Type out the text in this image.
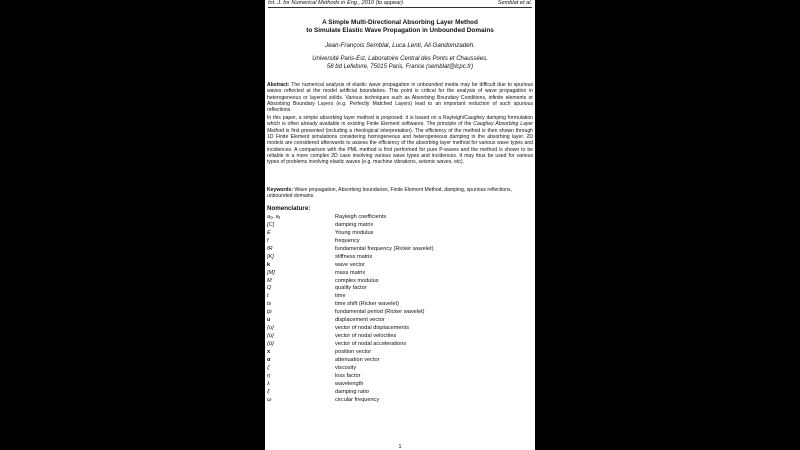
Int. J. for Numerical Methods in Eng., 2010 (to appear)	Semblat et al.
A Simple Multi-Directional Absorbing Layer Method
to Simulate Elastic Wave Propagation in Unbounded Domains
Jean-François Semblat, Luca Lenti, Ali Gandomzadeh.
Université Paris-Est, Laboratoire Central des Ponts et Chaussées,
58 bd Lefebvre, 75015 Paris, France (semblat@lcpc.fr)

Abstract: The numerical analysis of elastic wave propagation in unbounded media may be difficult due to spurious waves reflected at the model artificial boundaries. This point is critical for the analysis of wave propagation in heterogeneous or layered solids. Various techniques such as Absorbing Boundary Conditions, infinite elements or Absorbing Boundary Layers (e.g. Perfectly Matched Layers) lead to an important reduction of such spurious reflections.

In this paper, a simple absorbing layer method is proposed: it is based on a Rayleigh/Caughey damping formulation which is often already available in existing Finite Element softwares. The principle of the Caughey Absorbing Layer Method is first presented (including a rheological interpretation). The efficiency of the method is then shown through 1D Finite Element simulations considering homogeneous and heterogeneous damping in the absorbing layer. 2D models are considered afterwards to assess the efficiency of the absorbing layer method for various wave types and incidences. A comparison with the PML method is first performed for pure P-waves and the method is shown to be reliable in a more complex 2D case involving various wave types and incidences. It may thus be used for various types of problems involving elastic waves (e.g. machine vibrations, seismic waves, etc).

Keywords: Wave propagation, Absorbing boundaries, Finite Element Method, damping, spurious reflections, unbounded domains.
Nomenclature:
a₀, a₁	Rayleigh coefficients
[C]	damping matrix
E	Young modulus
f	frequency
fR	fundamental frequency (Ricker wavelet)
[K]	stiffness matrix
k	wave vector
[M]	mass matrix
M	complex modulus
Q	quality factor
t	time
ts	time shift (Ricker wavelet)
tp	fundamental period (Ricker wavelet)
u	displacement vector
{u}	vector of nodal displacements
{u̇}	vector of nodal velocities
{ü}	vector of nodal accelerations
x	position vector
α	attenuation vector
ζ	viscosity
η	loss factor
λ	wavelength
ξ	damping ratio
ω	circular frequency
1
